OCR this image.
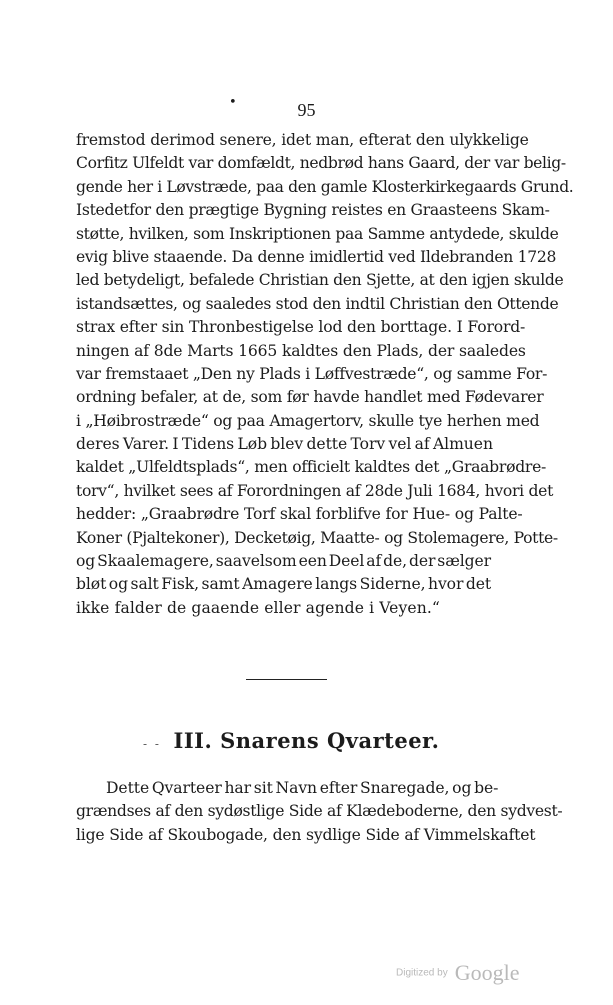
•	95
fremstod derimod senere, idet man, efterat den ulykkelige
Corfitz Ulfeldt var domfældt, nedbrød hans Gaard, der var belig-
gende her i Løvstræde, paa den gamle Klosterkirkegaards Grund.
Istedetfor den prægtige Bygning reistes en Graasteens Skam-
støtte, hvilken, som Inskriptionen paa Samme antydede, skulde
evig blive staaende. Da denne imidlertid ved Ildebranden 1728
led betydeligt, befalede Christian den Sjette, at den igjen skulde
istandsættes, og saaledes stod den indtil Christian den Ottende
strax efter sin Thronbestigelse lod den borttage. I Forord-
ningen af 8de Marts 1665 kaldtes den Plads, der saaledes
var fremstaaet „Den ny Plads i Løffvestræde“, og samme For-
ordning befaler, at de, som før havde handlet med Fødevarer
i „Høibrostræde“ og paa Amagertorv, skulle tye herhen med
deres Varer. I Tidens Løb blev dette Torv vel af Almuen
kaldet „Ulfeldtsplads“, men officielt kaldtes det „Graabrødre-
torv“, hvilket sees af Forordningen af 28de Juli 1684, hvori det
hedder: „Graabrødre Torf skal forblifve for Hue- og Palte-
Koner (Pjaltekoner), Decketøig, Maatte- og Stolemagere, Potte-
og Skaalemagere, saavelsom een Deel af de, der sælger
bløt og salt Fisk, samt Amagere langs Siderne, hvor det
ikke falder de gaaende eller agende i Veyen.“
- - III. Snarens Qvarteer.
Dette Qvarteer har sit Navn efter Snaregade, og be-
grændses af den sydøstlige Side af Klædeboderne, den sydvest-
lige Side af Skoubogade, den sydlige Side af Vimmelskaftet
Digitized by Google
